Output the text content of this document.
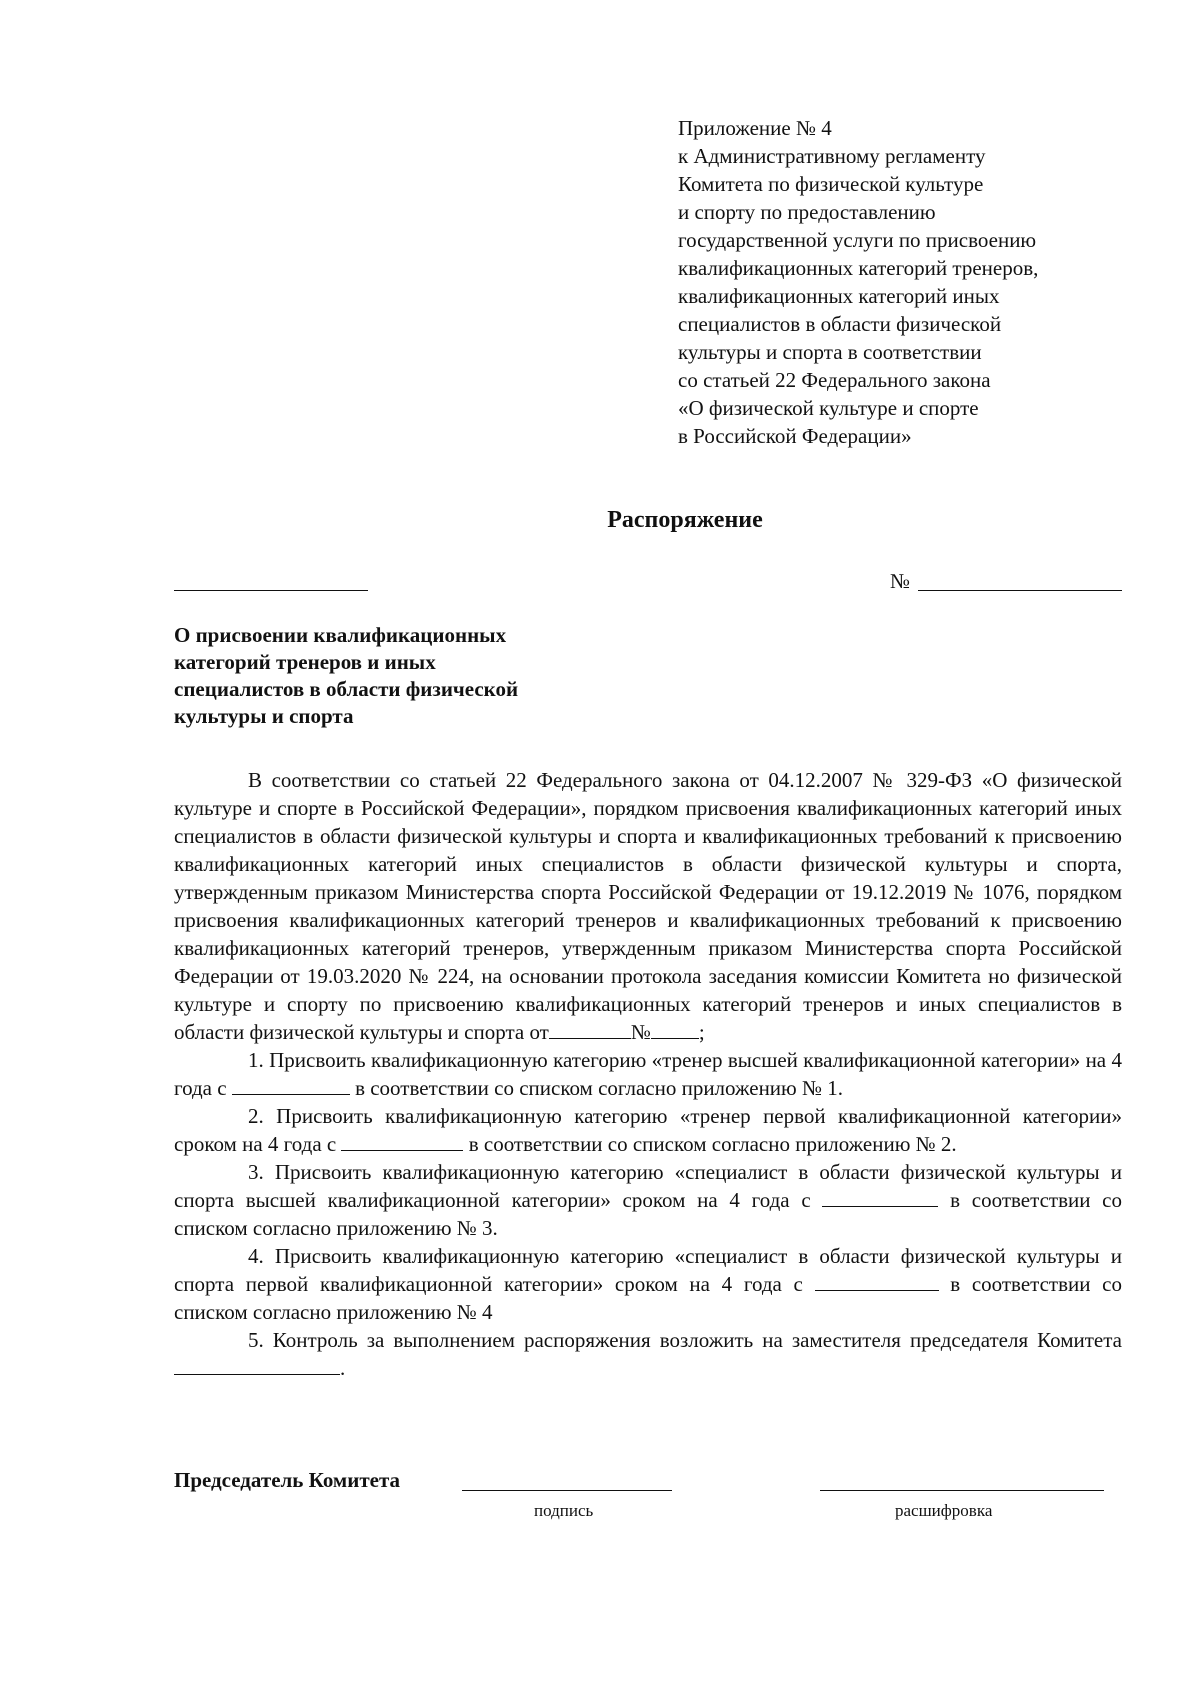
Приложение № 4
к Административному регламенту
Комитета по физической культуре
и спорту по предоставлению
государственной услуги по присвоению
квалификационных категорий тренеров,
квалификационных категорий иных
специалистов в области физической
культуры и спорта в соответствии
со статьей 22 Федерального закона
«О физической культуре и спорте
в Российской Федерации»
Распоряжение
№
О присвоении квалификационных
категорий тренеров и иных
специалистов в области физической
культуры и спорта

В соответствии со статьей 22 Федерального закона от 04.12.2007 № 329-ФЗ «О физической культуре и спорте в Российской Федерации», порядком присвоения квалификационных категорий иных специалистов в области физической культуры и спорта и квалификационных требований к присвоению квалификационных категорий иных специалистов в области физической культуры и спорта, утвержденным приказом Министерства спорта Российской Федерации от 19.12.2019 № 1076, порядком присвоения квалификационных категорий тренеров и квалификационных требований к присвоению квалификационных категорий тренеров, утвержденным приказом Министерства спорта Российской Федерации от 19.03.2020 № 224, на основании протокола заседания комиссии Комитета но физической культуре и спорту по присвоению квалификационных категорий тренеров и иных специалистов в области физической культуры и спорта от	№ ;

1. Присвоить квалификационную категорию «тренер высшей квалификационной категории» на 4 года с	в соответствии со списком согласно приложению № 1.

2. Присвоить квалификационную категорию «тренер первой квалификационной категории» сроком на 4 года с	в соответствии со списком согласно приложению № 2.

3. Присвоить квалификационную категорию «специалист в области физической культуры и спорта высшей квалификационной категории» сроком на 4 года с	в соответствии со списком согласно приложению № 3.

4. Присвоить квалификационную категорию «специалист в области физической культуры и спорта первой квалификационной категории» сроком на 4 года с	в соответствии со списком согласно приложению № 4

5. Контроль за выполнением распоряжения возложить на заместителя председателя Комитета .

Председатель Комитета
подпись	расшифровка
